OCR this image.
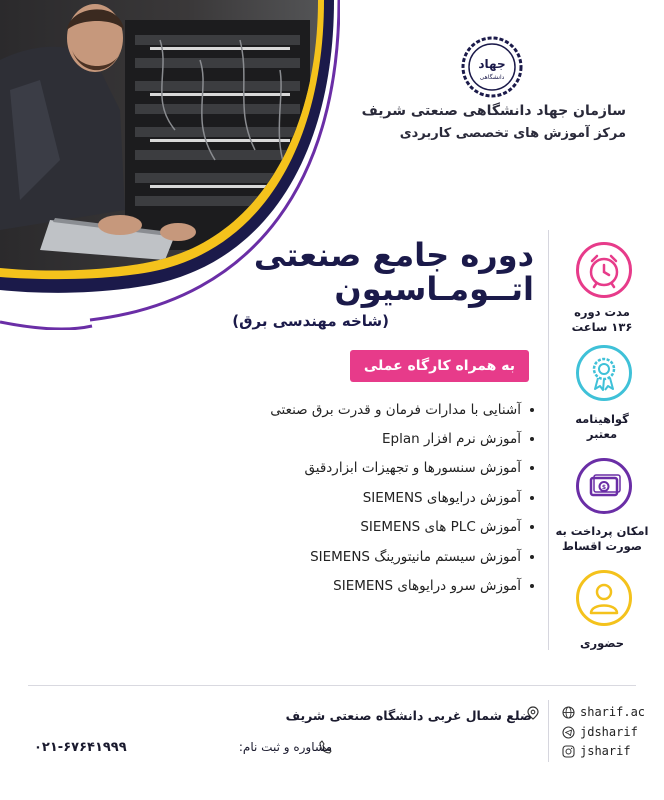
جهاد
دانشگاهی
سازمان جهاد دانشگاهی صنعتی شریف
مرکز آموزش های تخصصی کاربردی
دوره جامع صنعتی
اتــومـاسیون
(شاخه مهندسی برق)
به همراه کارگاه عملی
آشنایی با مدارات فرمان و قدرت برق صنعتی
آموزش نرم افزار Eplan
آموزش سنسورها و تجهیزات ابزاردقیق
آموزش درایوهای SIEMENS
آموزش PLC های SIEMENS
آموزش سیستم مانیتورینگ SIEMENS
آموزش سرو درایوهای SIEMENS
مدت دوره
۱۳۶ ساعت
گواهینامه
معتبر
$
امکان پرداخت به
صورت اقساط
حضوری
ضلع شمال غربی دانشگاه صنعتی شریف
مشاوره و ثبت نام:
۰۲۱-۶۷۶۴۱۹۹۹
sharif.ac
jdsharif
jsharif
